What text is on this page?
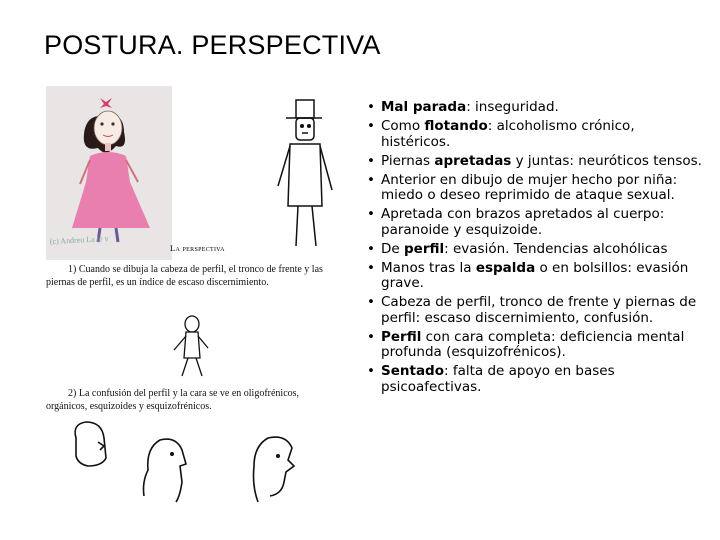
POSTURA. PERSPECTIVA
(c) Andreu La le v
La perspectiva
1) Cuando se dibuja la cabeza de perfil, el tronco de frente y las piernas de perfil, es un índice de escaso discernimiento.
2) La confusión del perfil y la cara se ve en oligofrénicos, orgánicos, esquizoides y esquizofrénicos.
• Mal parada: inseguridad.
• Como flotando: alcoholismo crónico, histéricos.
• Piernas apretadas y juntas: neuróticos tensos.
• Anterior en dibujo de mujer hecho por niña: miedo o deseo reprimido de ataque sexual.
• Apretada con brazos apretados al cuerpo: paranoide y esquizoide.
• De perfil: evasión. Tendencias alcohólicas
• Manos tras la espalda o en bolsillos: evasión grave.
• Cabeza de perfil, tronco de frente y piernas de perfil: escaso discernimiento, confusión.
• Perfil con cara completa: deficiencia mental profunda (esquizofrénicos).
• Sentado: falta de apoyo en bases psicoafectivas.
